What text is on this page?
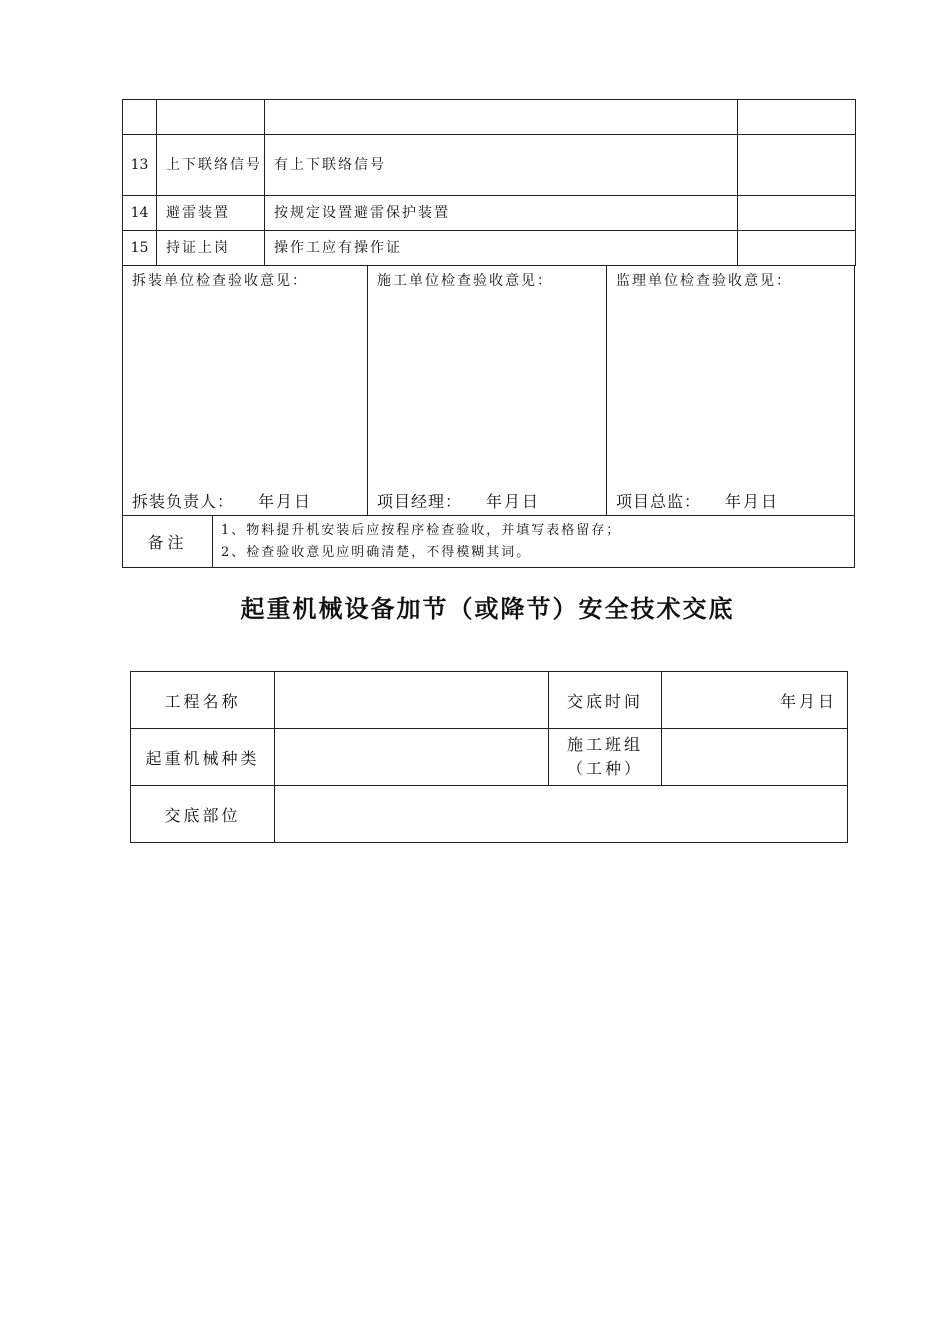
13	上下联络信号	有上下联络信号	
14	避雷装置	按规定设置避雷保护装置	
15	持证上岗	操作工应有操作证	
拆装单位检查验收意见：
拆装负责人： 年月日
施工单位检查验收意见：
项目经理： 年月日
监理单位检查验收意见：
项目总监： 年月日
备注
1、物料提升机安装后应按程序检查验收，并填写表格留存；
2、检查验收意见应明确清楚，不得模糊其词。
起重机械设备加节（或降节）安全技术交底
工程名称		交底时间	年月日
起重机械种类		施工班组
（工种）	

交底部位			
